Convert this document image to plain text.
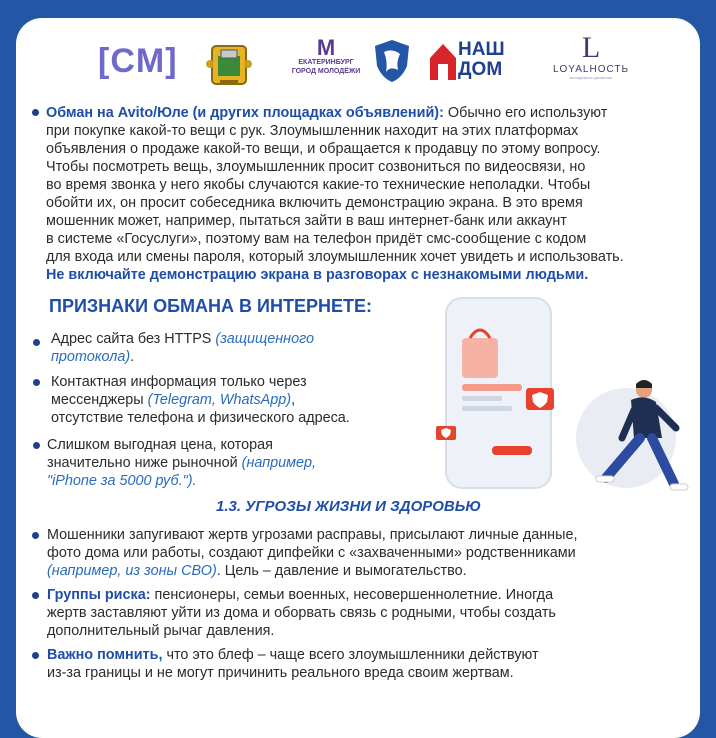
[CM]	M
ЕКАТЕРИНБУРГ
ГОРОД МОЛОДЁЖИ
НАШ
ДОМ
L
LOYALНОСТЬ
молодёжное движение

Обман на Avito/Юле (и других площадках объявлений): Обычно его используют

при покупке какой-то вещи с рук. Злоумышленник находит на этих платформах

объявления о продаже какой-то вещи, и обращается к продавцу по этому вопросу.

Чтобы посмотреть вещь, злоумышленник просит созвониться по видеосвязи, но

во время звонка у него якобы случаются какие-то технические неполадки. Чтобы

обойти их, он просит собеседника включить демонстрацию экрана. В это время

мошенник может, например, пытаться зайти в ваш интернет-банк или аккаунт

в системе «Госуслуги», поэтому вам на телефон придёт смс-сообщение с кодом

для входа или смены пароля, который злоумышленник хочет увидеть и использовать.

Не включайте демонстрацию экрана в разговорах с незнакомыми людьми.

ПРИЗНАКИ ОБМАНА В ИНТЕРНЕТЕ:

Адрес сайта без HTTPS (защищенного

протокола).

Контактная информация только через

мессенджеры (Telegram, WhatsApp),

отсутствие телефона и физического адреса.

Слишком выгодная цена, которая

значительно ниже рыночной (например,

"iPhone за 5000 руб.").

1.3. УГРОЗЫ ЖИЗНИ И ЗДОРОВЬЮ

Мошенники запугивают жертв угрозами расправы, присылают личные данные,

фото дома или работы, создают дипфейки с «захваченными» родственниками

(например, из зоны СВО). Цель – давление и вымогательство.

Группы риска: пенсионеры, семьи военных, несовершеннолетние. Иногда

жертв заставляют уйти из дома и оборвать связь с родными, чтобы создать

дополнительный рычаг давления.

Важно помнить, что это блеф – чаще всего злоумышленники действуют

из-за границы и не могут причинить реального вреда своим жертвам.
